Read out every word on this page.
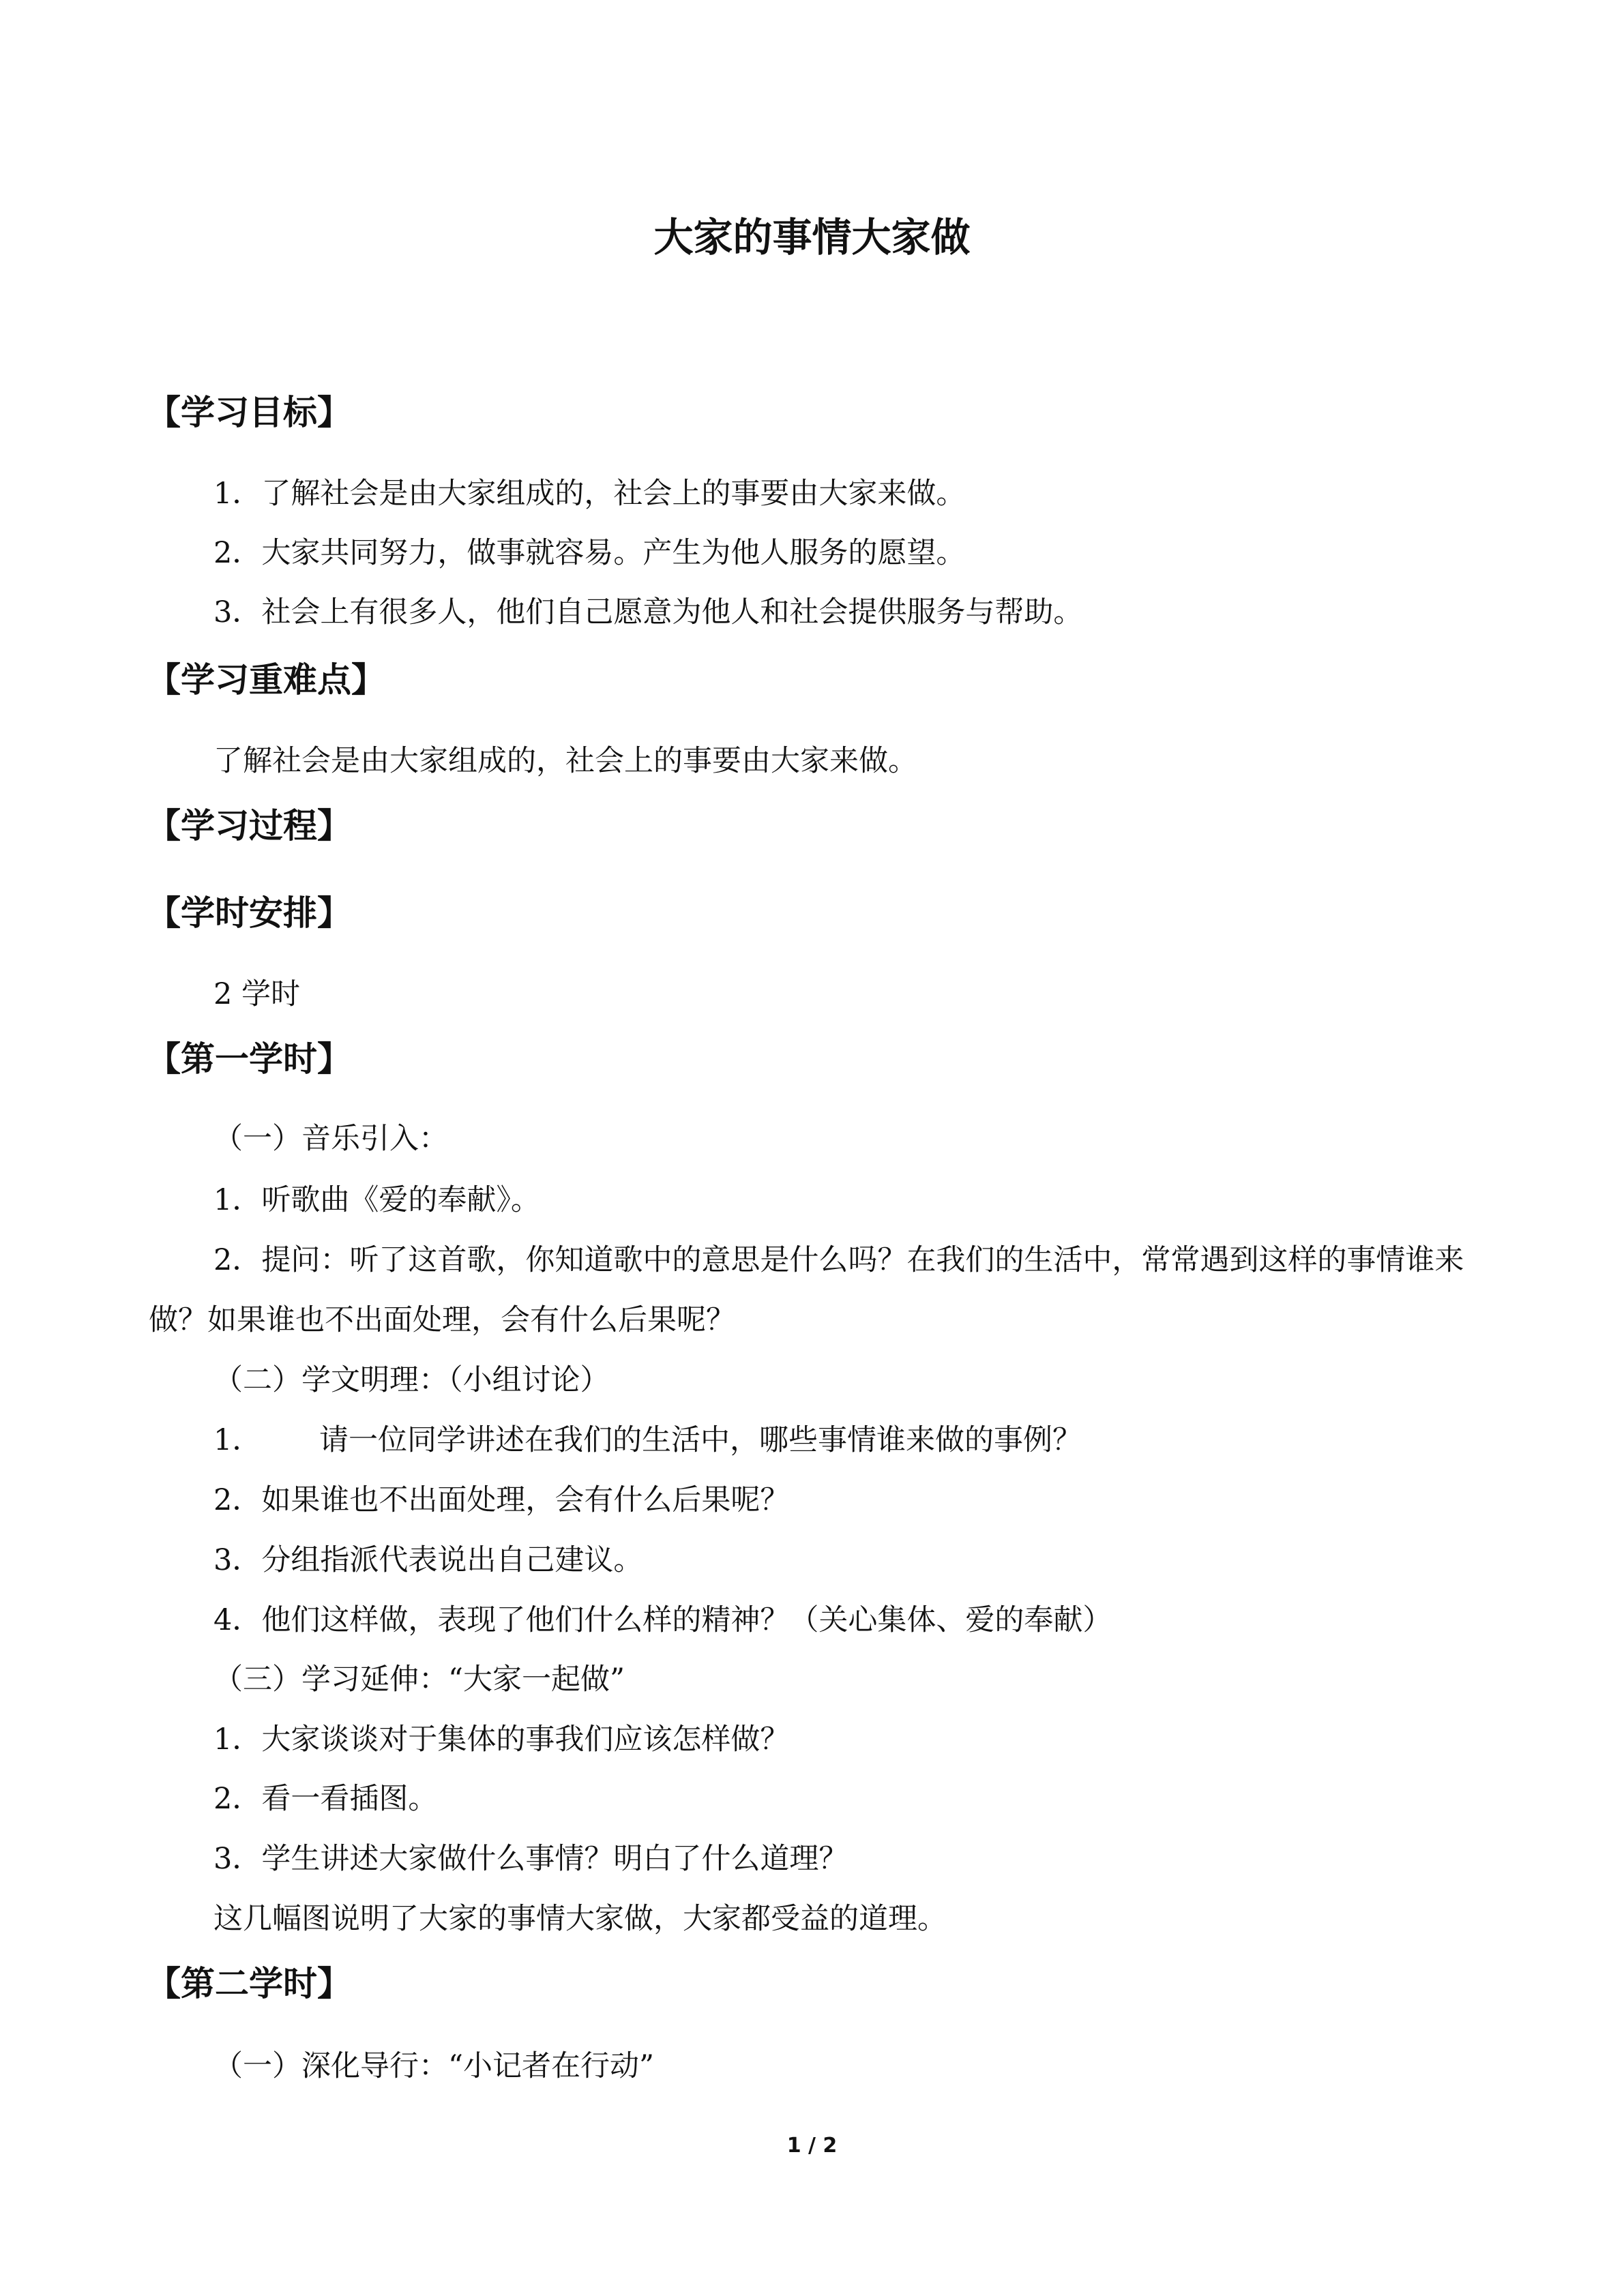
大家的事情大家做
【学习目标】

1．了解社会是由大家组成的，社会上的事要由大家来做。

2．大家共同努力，做事就容易。产生为他人服务的愿望。

3．社会上有很多人，他们自己愿意为他人和社会提供服务与帮助。

【学习重难点】

了解社会是由大家组成的，社会上的事要由大家来做。

【学习过程】
【学时安排】

2 学时

【第一学时】

（一）音乐引入：

1．听歌曲《爱的奉献》。

2．提问：听了这首歌，你知道歌中的意思是什么吗？在我们的生活中，常常遇到这样的事情谁来做？如果谁也不出面处理，会有什么后果呢？

（二）学文明理：（小组讨论）

1． 请一位同学讲述在我们的生活中，哪些事情谁来做的事例？

2．如果谁也不出面处理，会有什么后果呢？

3．分组指派代表说出自己建议。

4．他们这样做，表现了他们什么样的精神？（关心集体、爱的奉献）

（三）学习延伸：“大家一起做”

1．大家谈谈对于集体的事我们应该怎样做？

2．看一看插图。

3．学生讲述大家做什么事情？明白了什么道理？

这几幅图说明了大家的事情大家做，大家都受益的道理。

【第二学时】

（一）深化导行：“小记者在行动”

1 / 2
